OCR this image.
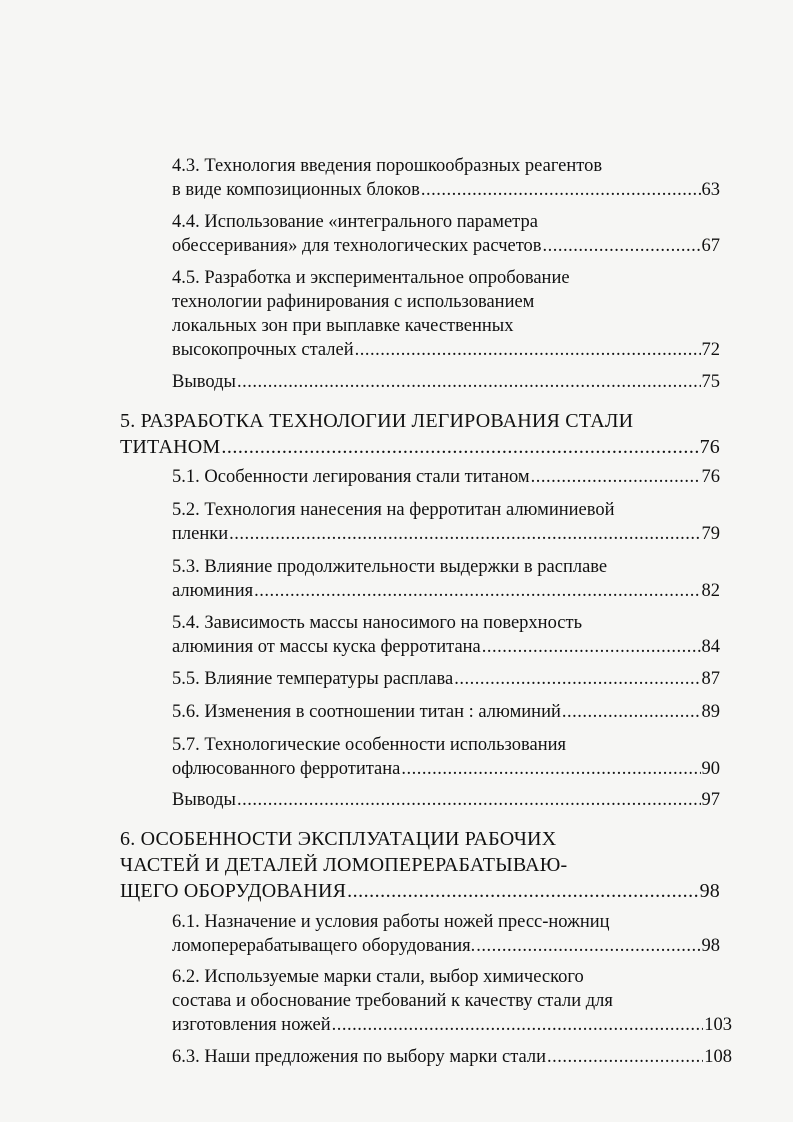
4.3. Технология введения порошкообразных реагентов
в виде композиционных блоков .....	63
4.4. Использование «интегрального параметра
обессеривания» для технологических расчетов .....	67
4.5. Разработка и экспериментальное опробование
технологии рафинирования с использованием
локальных зон при выплавке качественных
высокопрочных сталей .....	72
Выводы .....	75
5. РАЗРАБОТКА ТЕХНОЛОГИИ ЛЕГИРОВАНИЯ СТАЛИ
ТИТАНОМ .....	76
5.1. Особенности легирования стали титаном .....	76
5.2. Технология нанесения на ферротитан алюминиевой
пленки .....	79
5.3. Влияние продолжительности выдержки в расплаве
алюминия .....	82
5.4. Зависимость массы наносимого на поверхность
алюминия от массы куска ферротитана .....	84
5.5. Влияние температуры расплава .....	87
5.6. Изменения в соотношении титан : алюминий .....	89
5.7. Технологические особенности использования
офлюсованного ферротитана .....	90
Выводы .....	97
6. ОСОБЕННОСТИ ЭКСПЛУАТАЦИИ РАБОЧИХ
ЧАСТЕЙ И ДЕТАЛЕЙ ЛОМОПЕРЕРАБАТЫВАЮ-
ЩЕГО ОБОРУДОВАНИЯ .....	98
6.1. Назначение и условия работы ножей пресс-ножниц
ломоперерабатыващего оборудования. .....	98
6.2. Используемые марки стали, выбор химического
состава и обоснование требований к качеству стали для
изготовления ножей .....	103
6.3. Наши предложения по выбору марки стали .....	108
